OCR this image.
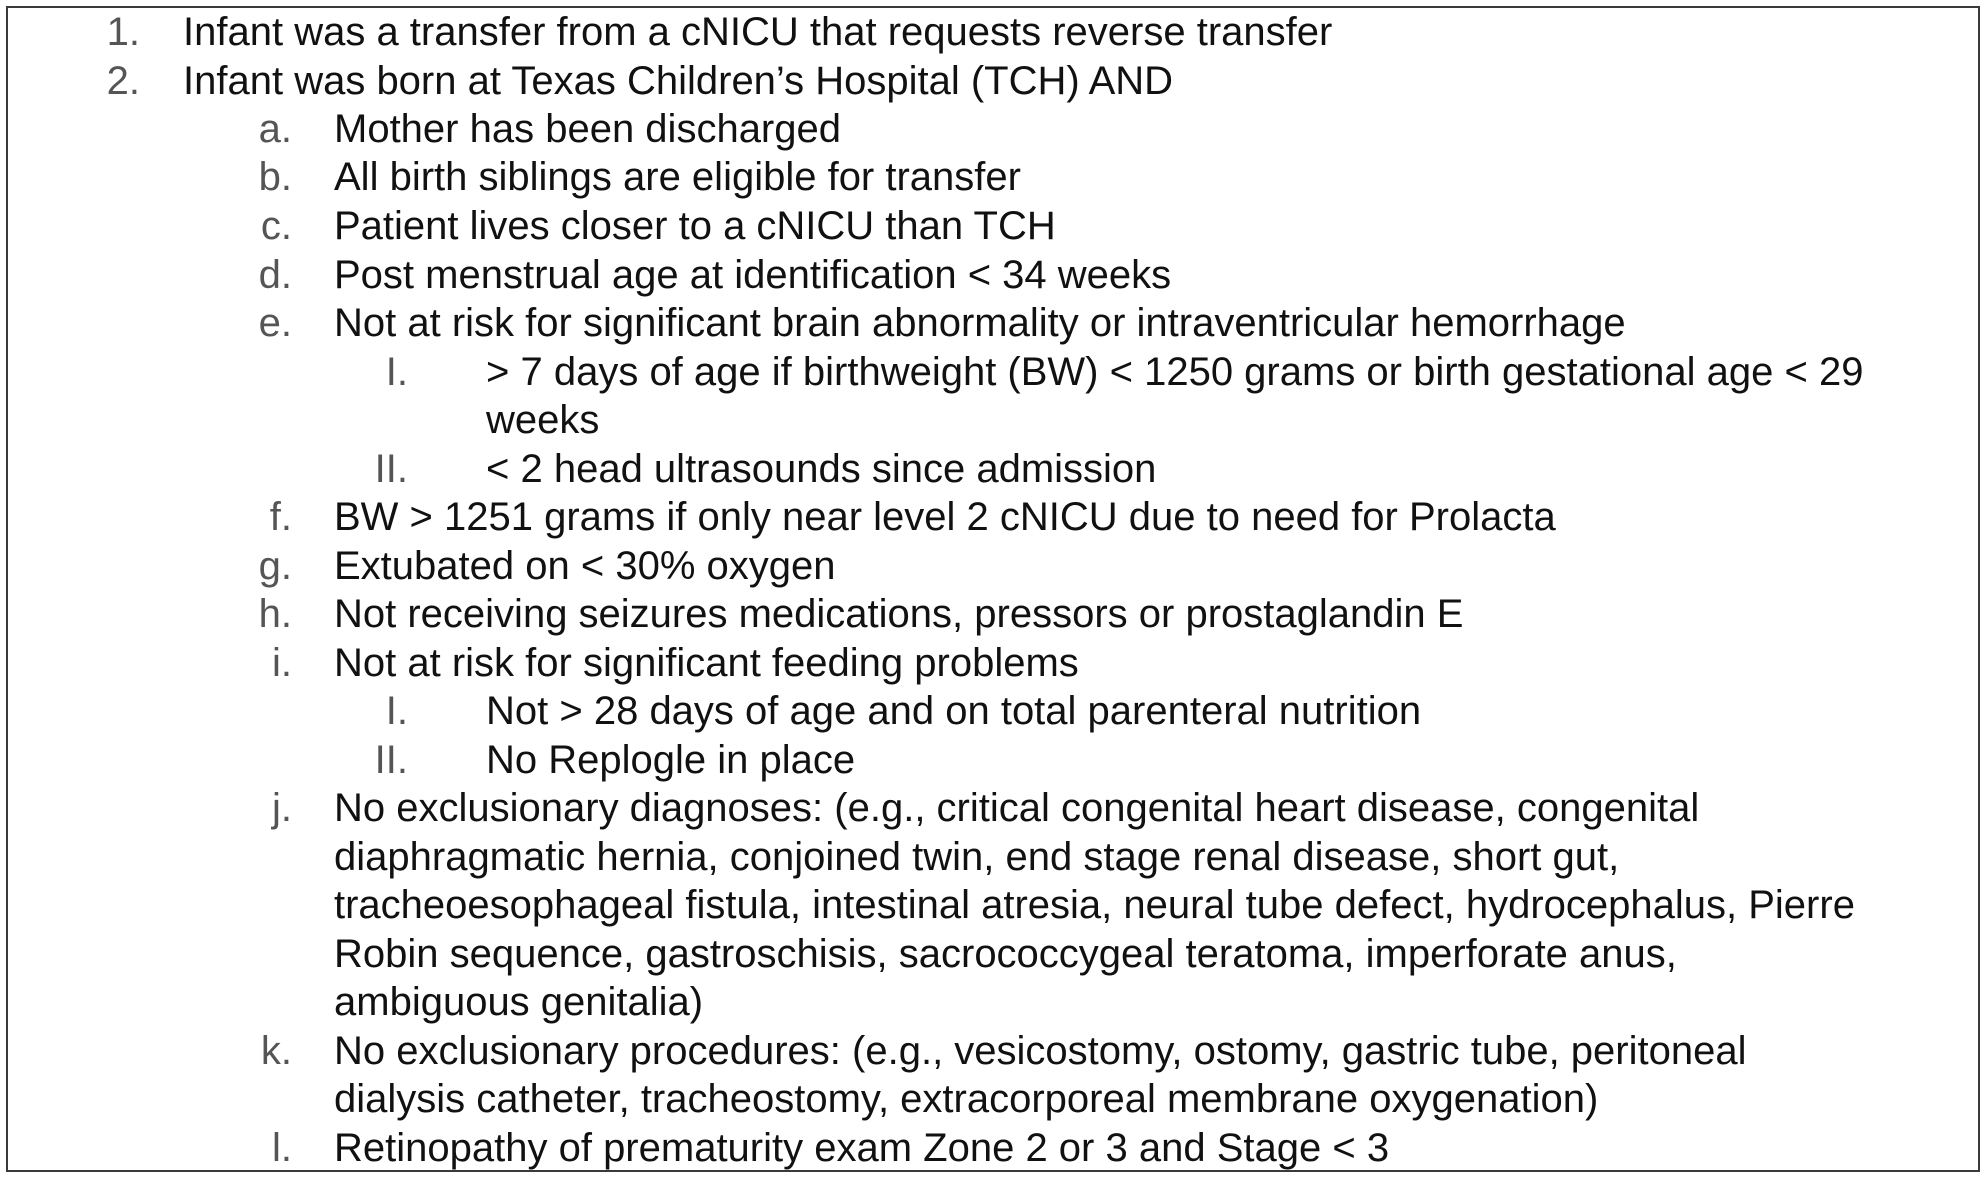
1. Infant was a transfer from a cNICU that requests reverse transfer
2. Infant was born at Texas Children’s Hospital (TCH) AND
a. Mother has been discharged
b. All birth siblings are eligible for transfer
c. Patient lives closer to a cNICU than TCH
d. Post menstrual age at identification < 34 weeks
e. Not at risk for significant brain abnormality or intraventricular hemorrhage
I. > 7 days of age if birthweight (BW) < 1250 grams or birth gestational age < 29
weeks
II. < 2 head ultrasounds since admission
f. BW > 1251 grams if only near level 2 cNICU due to need for Prolacta
g. Extubated on < 30% oxygen
h. Not receiving seizures medications, pressors or prostaglandin E
i. Not at risk for significant feeding problems
I. Not > 28 days of age and on total parenteral nutrition
II. No Replogle in place
j. No exclusionary diagnoses: (e.g., critical congenital heart disease, congenital
diaphragmatic hernia, conjoined twin, end stage renal disease, short gut,
tracheoesophageal fistula, intestinal atresia, neural tube defect, hydrocephalus, Pierre
Robin sequence, gastroschisis, sacrococcygeal teratoma, imperforate anus,
ambiguous genitalia)
k. No exclusionary procedures: (e.g., vesicostomy, ostomy, gastric tube, peritoneal
dialysis catheter, tracheostomy, extracorporeal membrane oxygenation)
l. Retinopathy of prematurity exam Zone 2 or 3 and Stage < 3
